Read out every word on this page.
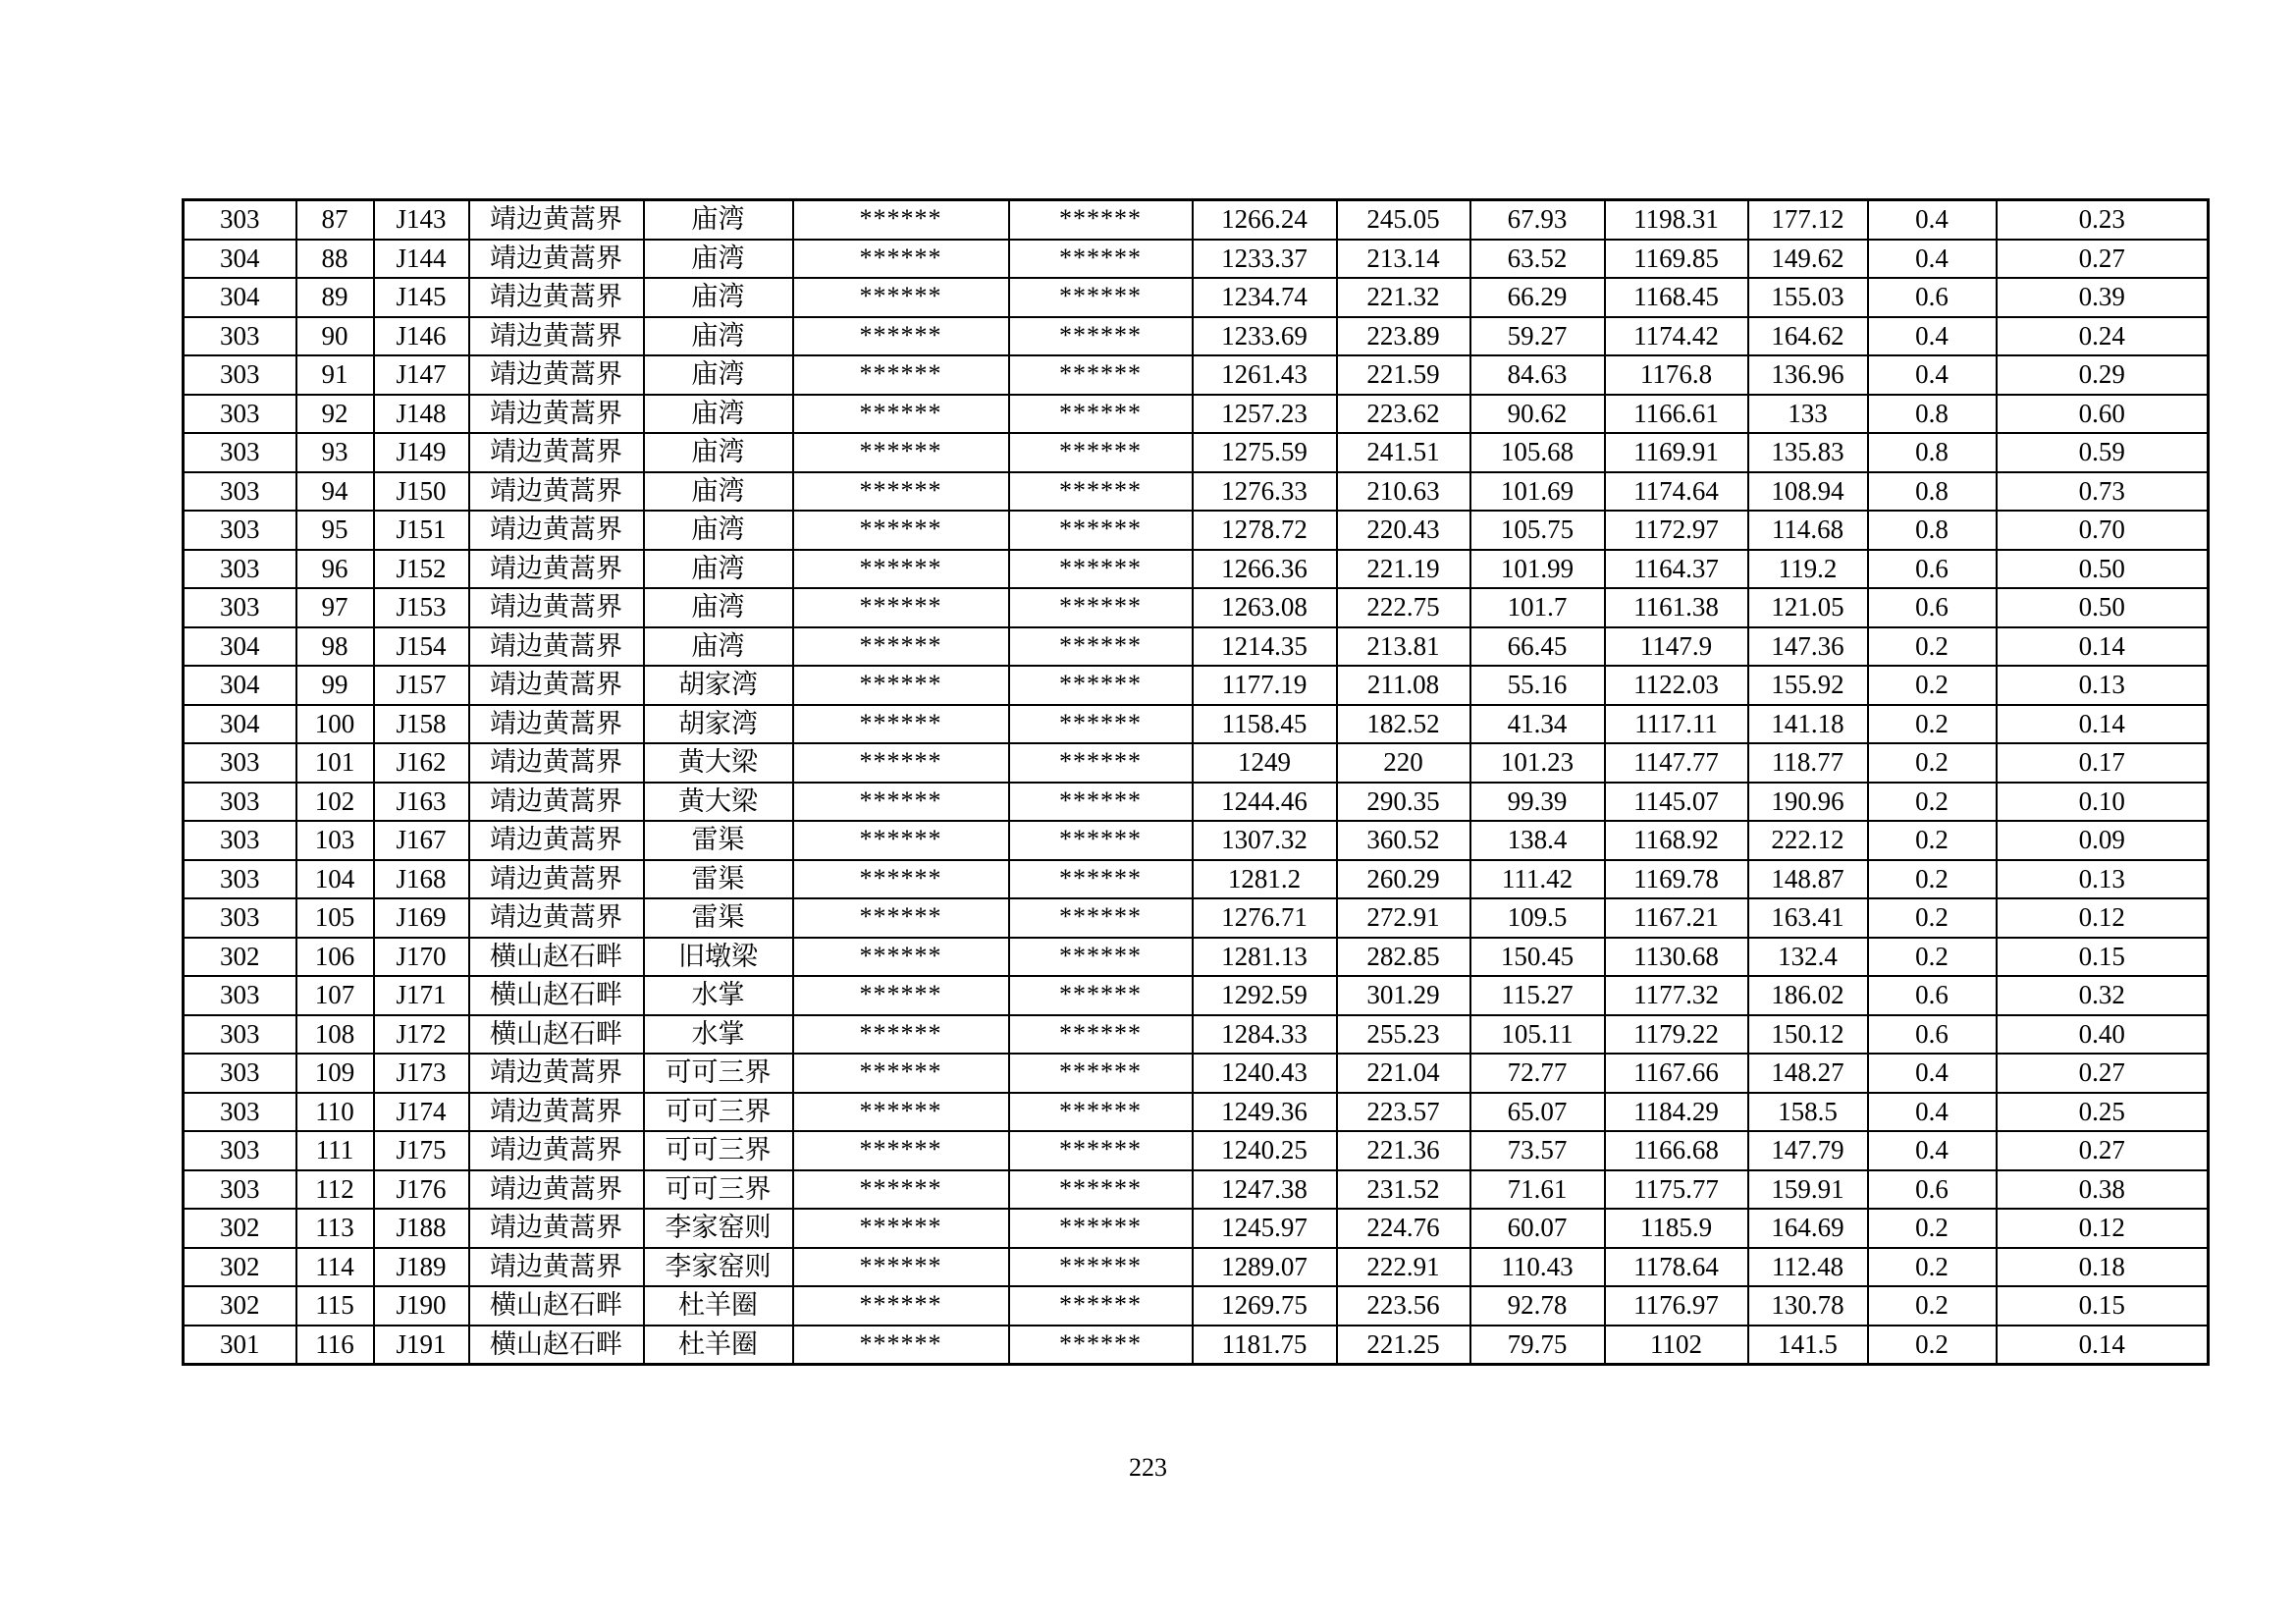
303	87	J143	靖边黄蒿界	庙湾	******	******	1266.24	245.05	67.93	1198.31	177.12	0.4	0.23
304	88	J144	靖边黄蒿界	庙湾	******	******	1233.37	213.14	63.52	1169.85	149.62	0.4	0.27
304	89	J145	靖边黄蒿界	庙湾	******	******	1234.74	221.32	66.29	1168.45	155.03	0.6	0.39
303	90	J146	靖边黄蒿界	庙湾	******	******	1233.69	223.89	59.27	1174.42	164.62	0.4	0.24
303	91	J147	靖边黄蒿界	庙湾	******	******	1261.43	221.59	84.63	1176.8	136.96	0.4	0.29
303	92	J148	靖边黄蒿界	庙湾	******	******	1257.23	223.62	90.62	1166.61	133	0.8	0.60
303	93	J149	靖边黄蒿界	庙湾	******	******	1275.59	241.51	105.68	1169.91	135.83	0.8	0.59
303	94	J150	靖边黄蒿界	庙湾	******	******	1276.33	210.63	101.69	1174.64	108.94	0.8	0.73
303	95	J151	靖边黄蒿界	庙湾	******	******	1278.72	220.43	105.75	1172.97	114.68	0.8	0.70
303	96	J152	靖边黄蒿界	庙湾	******	******	1266.36	221.19	101.99	1164.37	119.2	0.6	0.50
303	97	J153	靖边黄蒿界	庙湾	******	******	1263.08	222.75	101.7	1161.38	121.05	0.6	0.50
304	98	J154	靖边黄蒿界	庙湾	******	******	1214.35	213.81	66.45	1147.9	147.36	0.2	0.14
304	99	J157	靖边黄蒿界	胡家湾	******	******	1177.19	211.08	55.16	1122.03	155.92	0.2	0.13
304	100	J158	靖边黄蒿界	胡家湾	******	******	1158.45	182.52	41.34	1117.11	141.18	0.2	0.14
303	101	J162	靖边黄蒿界	黄大梁	******	******	1249	220	101.23	1147.77	118.77	0.2	0.17
303	102	J163	靖边黄蒿界	黄大梁	******	******	1244.46	290.35	99.39	1145.07	190.96	0.2	0.10
303	103	J167	靖边黄蒿界	雷渠	******	******	1307.32	360.52	138.4	1168.92	222.12	0.2	0.09
303	104	J168	靖边黄蒿界	雷渠	******	******	1281.2	260.29	111.42	1169.78	148.87	0.2	0.13
303	105	J169	靖边黄蒿界	雷渠	******	******	1276.71	272.91	109.5	1167.21	163.41	0.2	0.12
302	106	J170	横山赵石畔	旧墩梁	******	******	1281.13	282.85	150.45	1130.68	132.4	0.2	0.15
303	107	J171	横山赵石畔	水掌	******	******	1292.59	301.29	115.27	1177.32	186.02	0.6	0.32
303	108	J172	横山赵石畔	水掌	******	******	1284.33	255.23	105.11	1179.22	150.12	0.6	0.40
303	109	J173	靖边黄蒿界	可可三界	******	******	1240.43	221.04	72.77	1167.66	148.27	0.4	0.27
303	110	J174	靖边黄蒿界	可可三界	******	******	1249.36	223.57	65.07	1184.29	158.5	0.4	0.25
303	111	J175	靖边黄蒿界	可可三界	******	******	1240.25	221.36	73.57	1166.68	147.79	0.4	0.27
303	112	J176	靖边黄蒿界	可可三界	******	******	1247.38	231.52	71.61	1175.77	159.91	0.6	0.38
302	113	J188	靖边黄蒿界	李家窑则	******	******	1245.97	224.76	60.07	1185.9	164.69	0.2	0.12
302	114	J189	靖边黄蒿界	李家窑则	******	******	1289.07	222.91	110.43	1178.64	112.48	0.2	0.18
302	115	J190	横山赵石畔	杜羊圈	******	******	1269.75	223.56	92.78	1176.97	130.78	0.2	0.15
301	116	J191	横山赵石畔	杜羊圈	******	******	1181.75	221.25	79.75	1102	141.5	0.2	0.14
223
